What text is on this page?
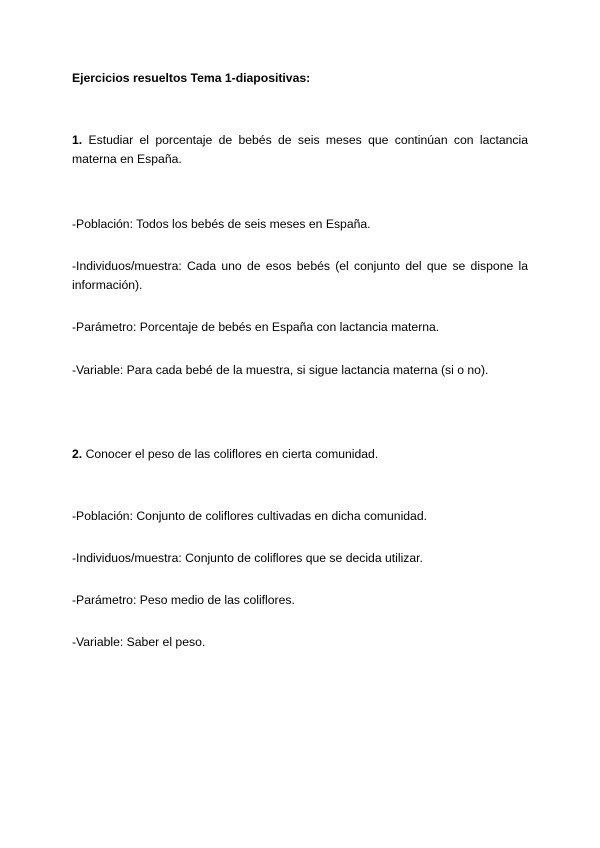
Ejercicios resueltos Tema 1-diapositivas:

1. Estudiar el porcentaje de bebés de seis meses que continúan con lactancia materna en España.

-Población: Todos los bebés de seis meses en España.

-Individuos/muestra: Cada uno de esos bebés (el conjunto del que se dispone la información).

-Parámetro: Porcentaje de bebés en España con lactancia materna.

-Variable: Para cada bebé de la muestra, si sigue lactancia materna (si o no).

2. Conocer el peso de las coliflores en cierta comunidad.

-Población: Conjunto de coliflores cultivadas en dicha comunidad.

-Individuos/muestra: Conjunto de coliflores que se decida utilizar.

-Parámetro: Peso medio de las coliflores.

-Variable: Saber el peso.
